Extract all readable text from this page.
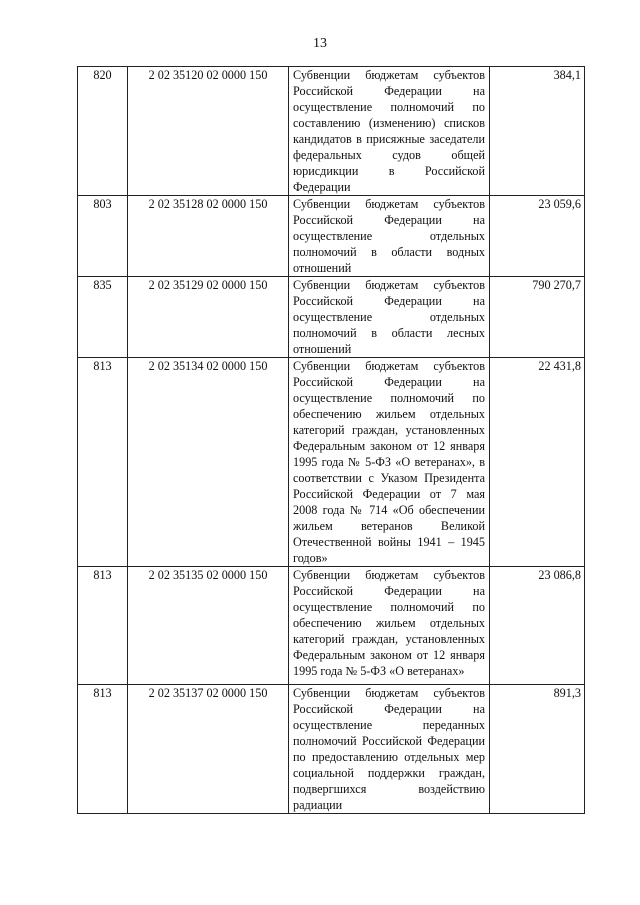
13
820	2 02 35120 02 0000 150	Субвенции бюджетам субъектов Российской Федерации на осуществление полномочий по составлению (изменению) списков кандидатов в присяжные заседатели федеральных судов общей юрисдикции в Российской Федерации	384,1
803	2 02 35128 02 0000 150	Субвенции бюджетам субъектов Российской Федерации на осуществление отдельных полномочий в области водных отношений	23 059,6
835	2 02 35129 02 0000 150	Субвенции бюджетам субъектов Российской Федерации на осуществление отдельных полномочий в области лесных отношений	790 270,7
813	2 02 35134 02 0000 150	Субвенции бюджетам субъектов Российской Федерации на осуществление полномочий по обеспечению жильем отдельных категорий граждан, установленных Федеральным законом от 12 января 1995 года № 5-ФЗ «О ветеранах», в соответствии с Указом Президента Российской Федерации от 7 мая 2008 года № 714 «Об обеспечении жильем ветеранов Великой Отечественной войны 1941 – 1945 годов»	22 431,8
813	2 02 35135 02 0000 150	Субвенции бюджетам субъектов Российской Федерации на осуществление полномочий по обеспечению жильем отдельных категорий граждан, установленных Федеральным законом от 12 января 1995 года № 5-ФЗ «О ветеранах»	23 086,8
813	2 02 35137 02 0000 150	Субвенции бюджетам субъектов Российской Федерации на осуществление переданных полномочий Российской Федерации по предоставлению отдельных мер социальной поддержки граждан, подвергшихся воздействию радиации	891,3
